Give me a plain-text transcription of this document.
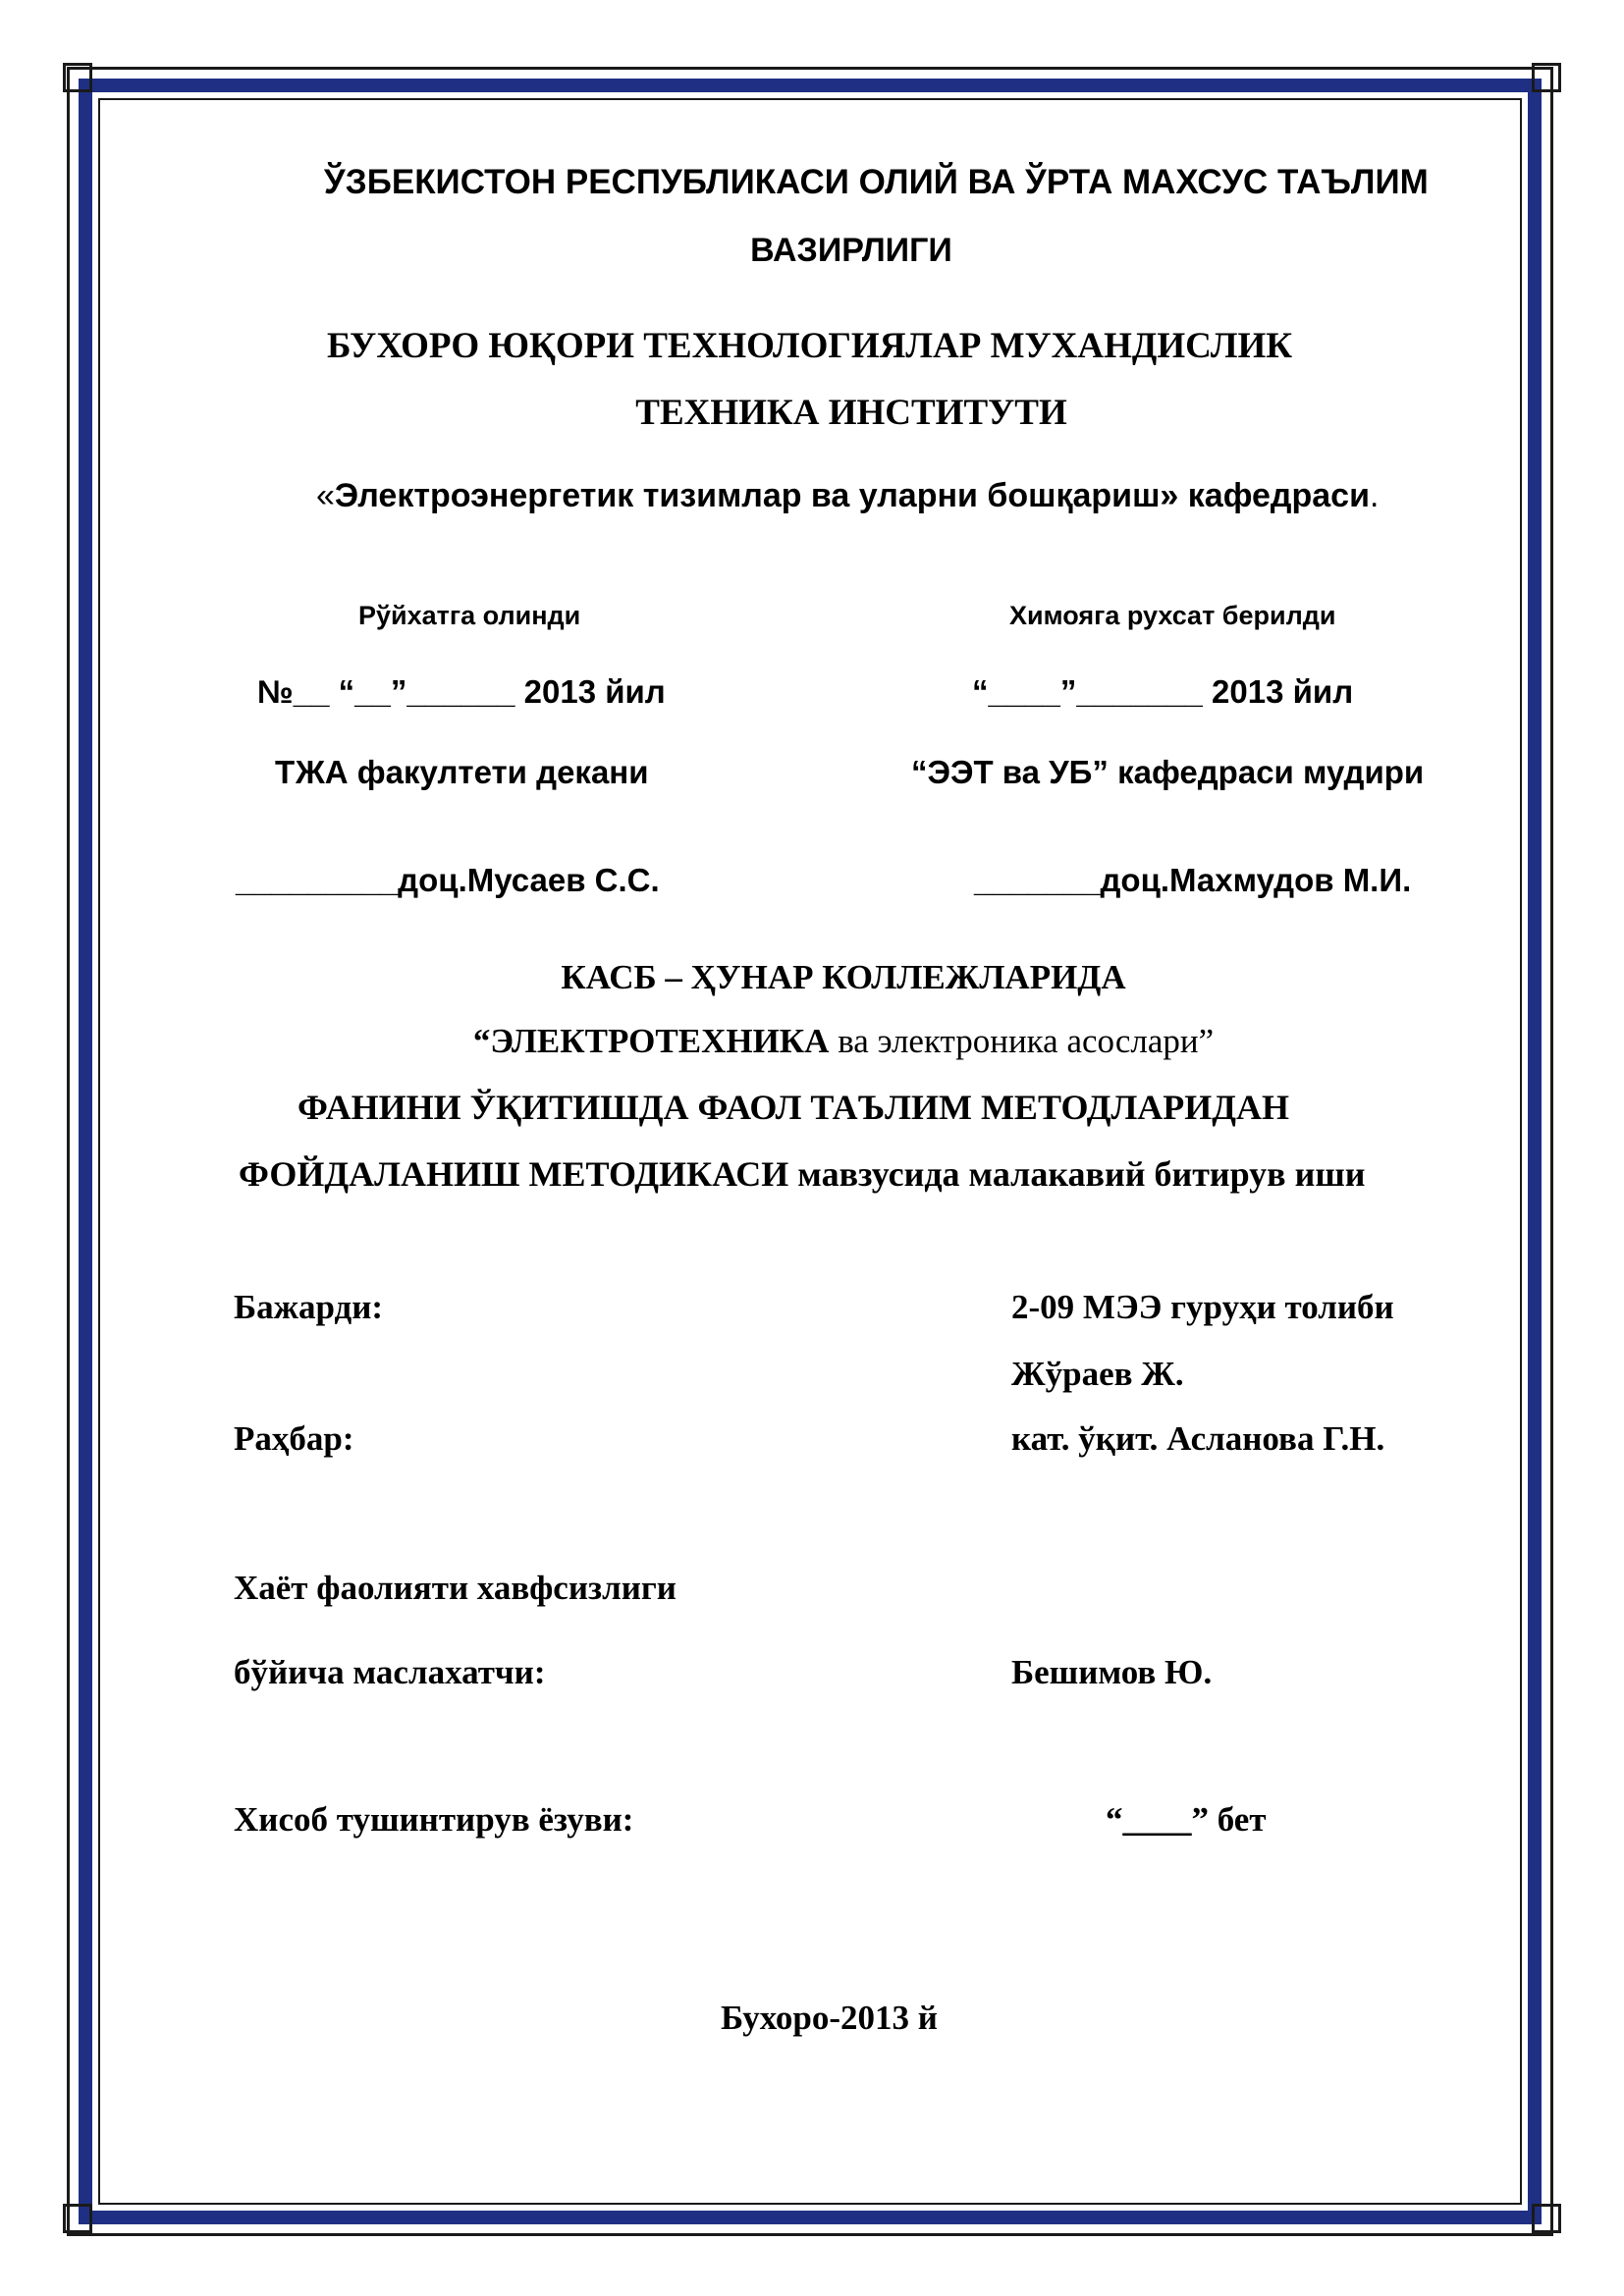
ЎЗБЕКИСТОН РЕСПУБЛИКАСИ ОЛИЙ ВА ЎРТА МАХСУС ТАЪЛИМ
ВАЗИРЛИГИ
БУХОРО ЮҚОРИ ТЕХНОЛОГИЯЛАР МУХАНДИСЛИК
ТЕХНИКА ИНСТИТУТИ
«Электроэнергетик тизимлар ва уларни бошқариш» кафедраси.
Рўйхатга олинди	Химояга рухсат берилди
№__ “__”______ 2013 йил	“____”_______ 2013 йил
ТЖА факултети декани	“ЭЭТ ва УБ” кафедраси мудири
_________доц.Мусаев С.С.	_______доц.Махмудов М.И.
КАСБ – ҲУНАР КОЛЛЕЖЛАРИДА
“ЭЛЕКТРОТЕХНИКА ва электроника асослари”
ФАНИНИ ЎҚИТИШДА ФАОЛ ТАЪЛИМ МЕТОДЛАРИДАН
ФОЙДАЛАНИШ МЕТОДИКАСИ мавзусида малакавий битирув иши
Бажарди:	2-09 МЭЭ гуруҳи толиби
Жўраев Ж.
Раҳбар:	кат. ўқит. Асланова Г.Н.
Хаёт фаолияти хавфсизлиги
бўйича маслахатчи:	Бешимов Ю.
Хисоб тушинтирув ёзуви:	“____” бет
Бухоро-2013 й
